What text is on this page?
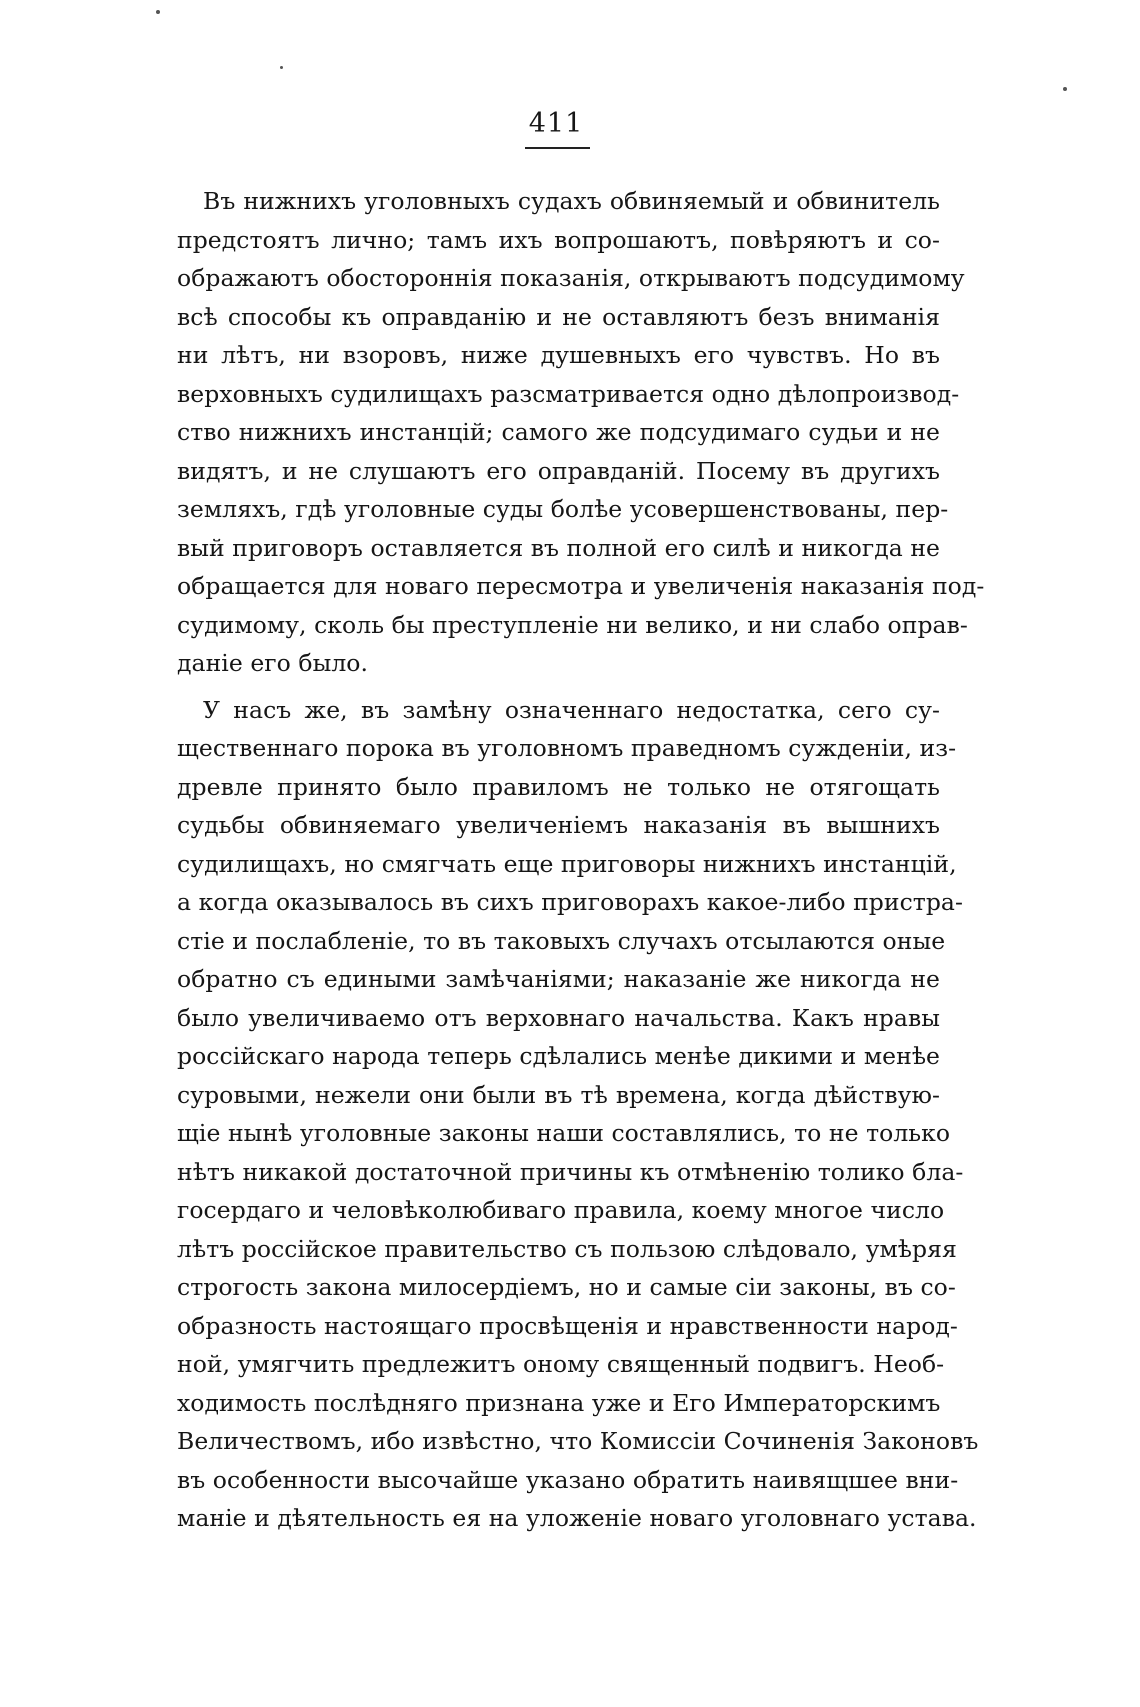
411
Въ нижнихъ уголовныхъ судахъ обвиняемый и обвинитель
предстоятъ лично; тамъ ихъ вопрошаютъ, повѣряютъ и со-
ображаютъ обостороннія показанія, открываютъ подсудимому
всѣ способы къ оправданію и не оставляютъ безъ вниманія
ни лѣтъ, ни взоровъ, ниже душевныхъ его чувствъ. Но въ
верховныхъ судилищахъ разсматривается одно дѣлопроизвод-
ство нижнихъ инстанцій; самого же подсудимаго судьи и не
видятъ, и не слушаютъ его оправданій. Посему въ другихъ
земляхъ, гдѣ уголовные суды болѣе усовершенствованы, пер-
вый приговоръ оставляется въ полной его силѣ и никогда не
обращается для новаго пересмотра и увеличенія наказанія под-
судимому, сколь бы преступленіе ни велико, и ни слабо оправ-
даніе его было.
У насъ же, въ замѣну означеннаго недостатка, сего су-
щественнаго порока въ уголовномъ праведномъ сужденіи, из-
древле принято было правиломъ не только не отягощать
судьбы обвиняемаго увеличеніемъ наказанія въ вышнихъ
судилищахъ, но смягчать еще приговоры нижнихъ инстанцій,
а когда оказывалось въ сихъ приговорахъ какое-либо пристра-
стіе и послабленіе, то въ таковыхъ случахъ отсылаются оные
обратно съ едиными замѣчаніями; наказаніе же никогда не
было увеличиваемо отъ верховнаго начальства. Какъ нравы
россійскаго народа теперь сдѣлались менѣе дикими и менѣе
суровыми, нежели они были въ тѣ времена, когда дѣйствую-
щіе нынѣ уголовные законы наши составлялись, то не только
нѣтъ никакой достаточной причины къ отмѣненію толико бла-
госердаго и человѣколюбиваго правила, коему многое число
лѣтъ россійское правительство съ пользою слѣдовало, умѣряя
строгость закона милосердіемъ, но и самые сіи законы, въ со-
образность настоящаго просвѣщенія и нравственности народ-
ной, умягчить предлежитъ оному священный подвигъ. Необ-
ходимость послѣдняго признана уже и Его Императорскимъ
Величествомъ, ибо извѣстно, что Комиссіи Сочиненія Законовъ
въ особенности высочайше указано обратить наивящшее вни-
маніе и дѣятельность ея на уложеніе новаго уголовнаго устава.
